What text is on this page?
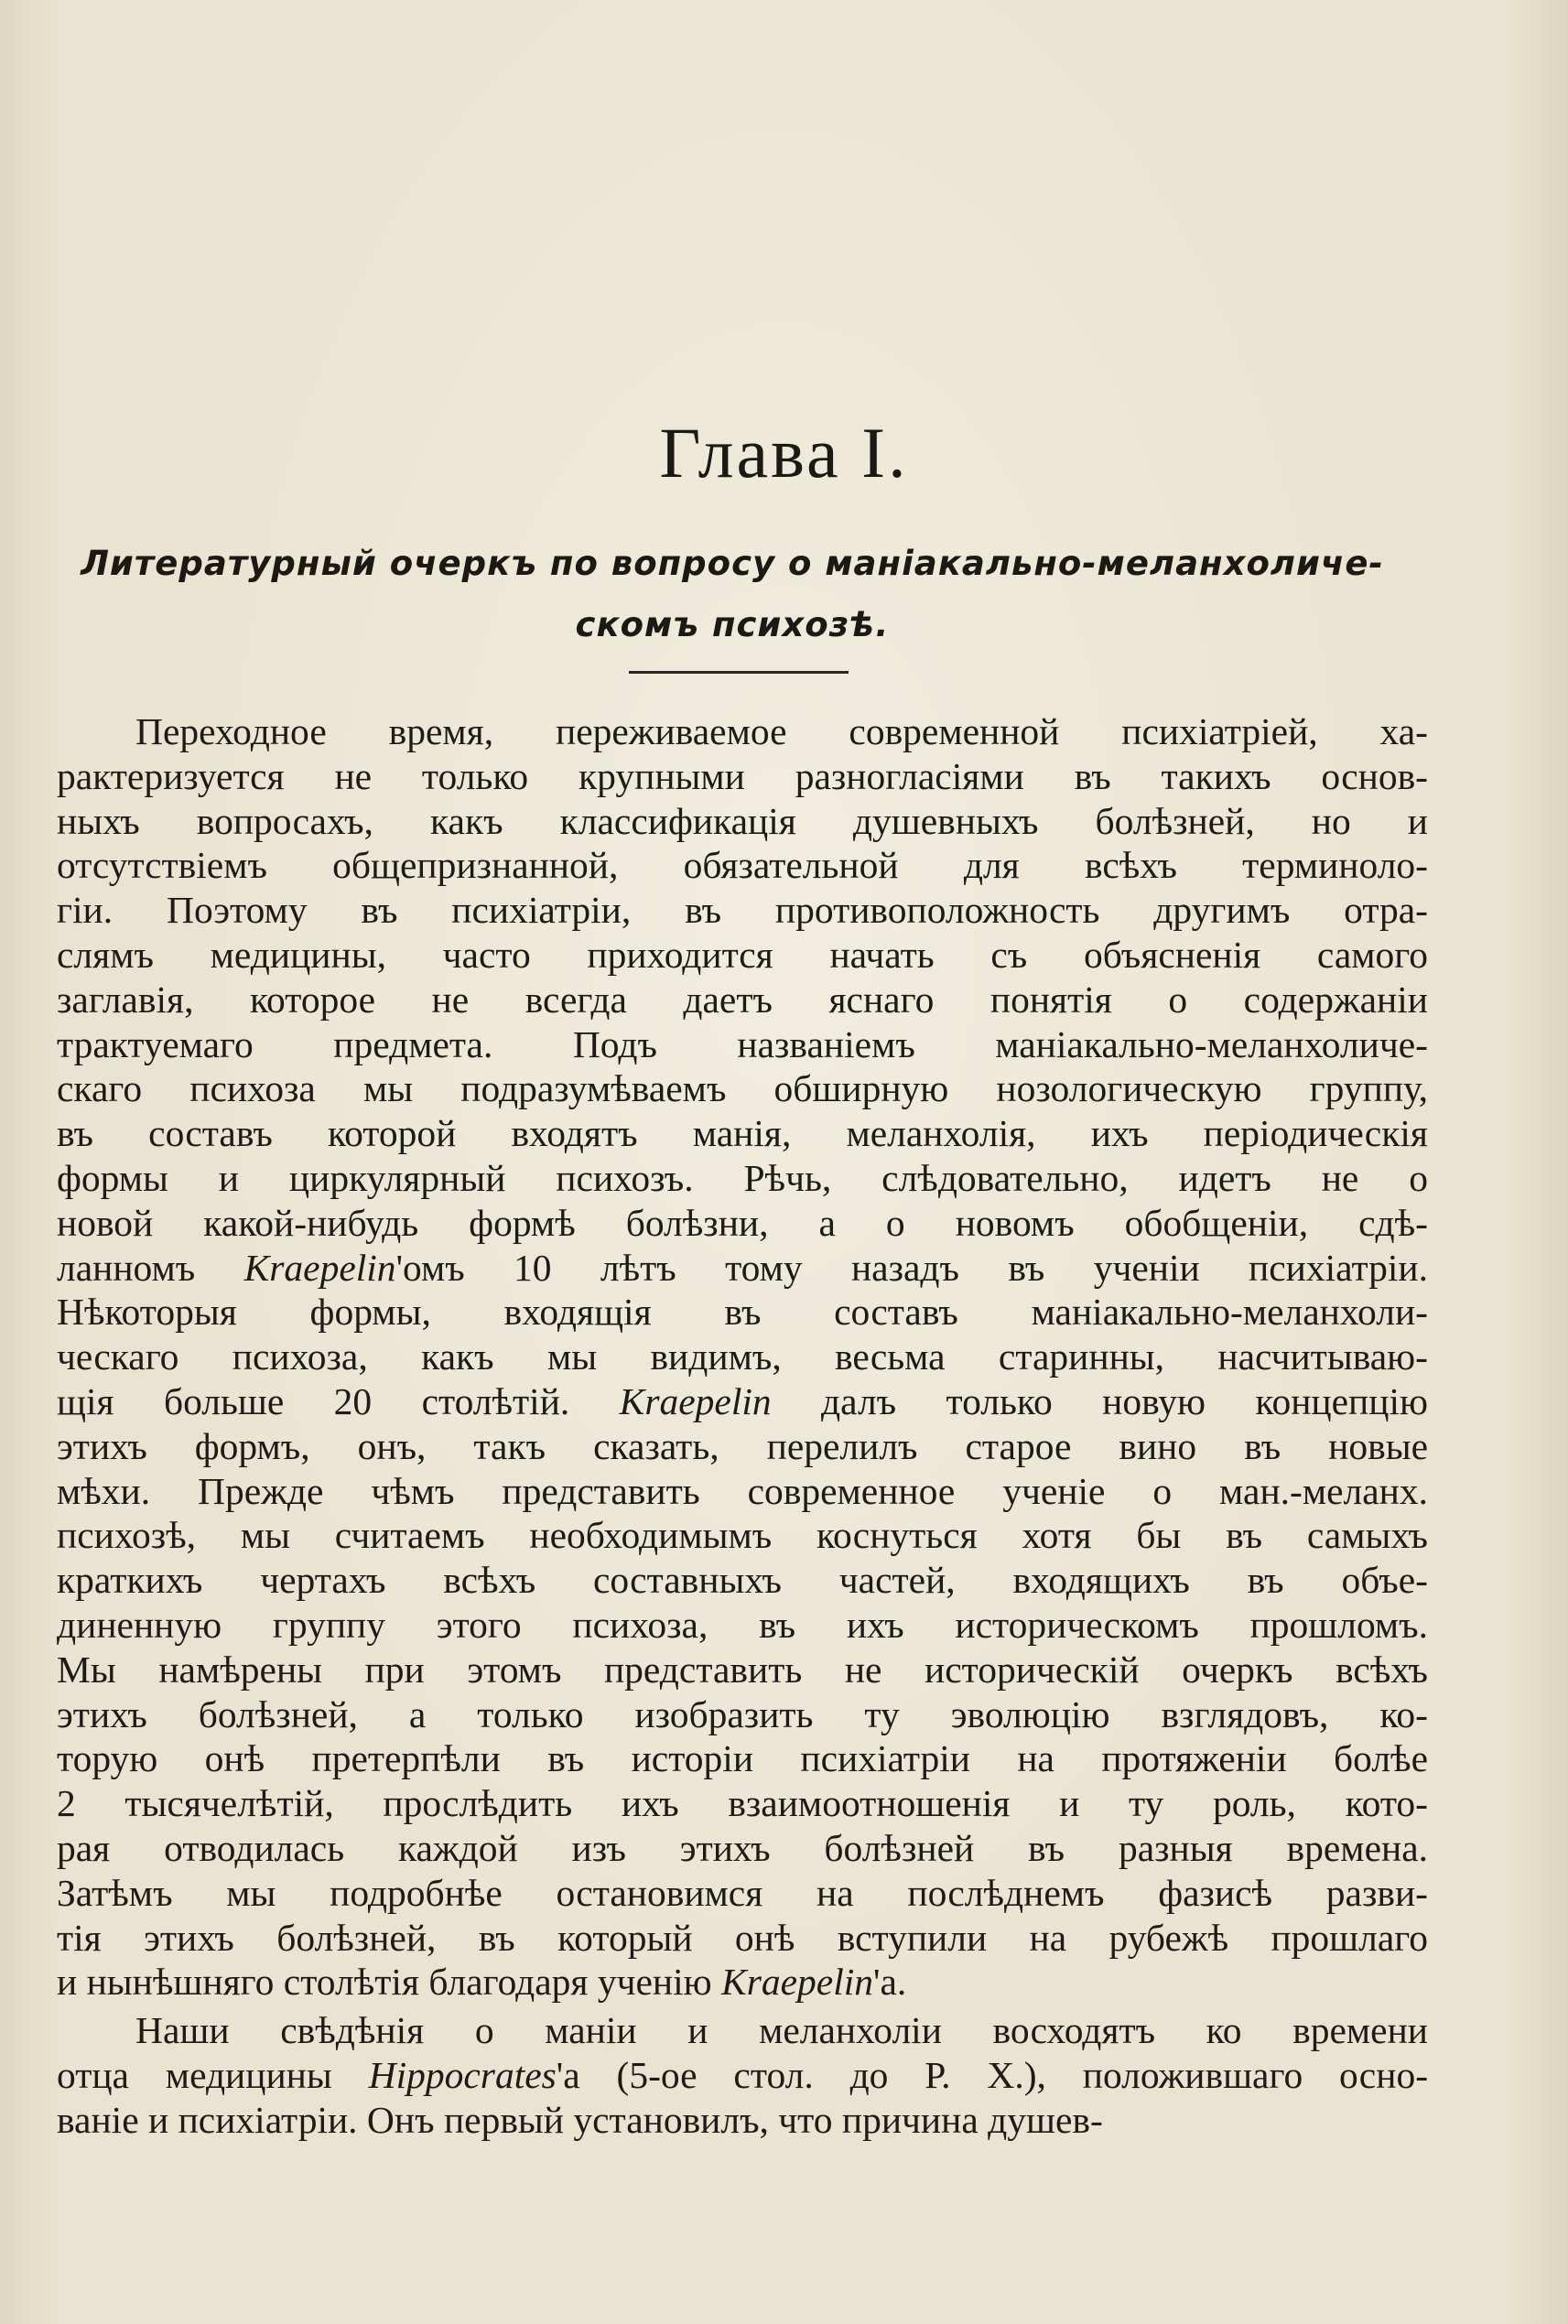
Глава I.
Литературный очеркъ по вопросу о маніакально-меланхоличе-
скомъ психозѣ.

Переходное время, переживаемое современной психіатріей, ха-
рактеризуется не только крупными разногласіями въ такихъ основ-
ныхъ вопросахъ, какъ классификація душевныхъ болѣзней, но и
отсутствіемъ общепризнанной, обязательной для всѣхъ терминоло-
гіи. Поэтому въ психіатріи, въ противоположность другимъ отра-
слямъ медицины, часто приходится начать съ объясненія самого
заглавія, которое не всегда даетъ яснаго понятія о содержаніи
трактуемаго предмета. Подъ названіемъ маніакально-меланхоличе-
скаго психоза мы подразумѣваемъ обширную нозологическую группу,
въ составъ которой входятъ манія, меланхолія, ихъ періодическія
формы и циркулярный психозъ. Рѣчь, слѣдовательно, идетъ не о
новой какой-нибудь формѣ болѣзни, а о новомъ обобщеніи, сдѣ-
ланномъ Kraepelin'омъ 10 лѣтъ тому назадъ въ ученіи психіатріи.
Нѣкоторыя формы, входящія въ составъ маніакально-меланхоли-
ческаго психоза, какъ мы видимъ, весьма старинны, насчитываю-
щія больше 20 столѣтій. Kraepelin далъ только новую концепцію
этихъ формъ, онъ, такъ сказать, перелилъ старое вино въ новые
мѣхи. Прежде чѣмъ представить современное ученіе о ман.-меланх.
психозѣ, мы считаемъ необходимымъ коснуться хотя бы въ самыхъ
краткихъ чертахъ всѣхъ составныхъ частей, входящихъ въ объе-
диненную группу этого психоза, въ ихъ историческомъ прошломъ.
Мы намѣрены при этомъ представить не историческій очеркъ всѣхъ
этихъ болѣзней, а только изобразить ту эволюцію взглядовъ, ко-
торую онѣ претерпѣли въ исторіи психіатріи на протяженіи болѣе
2 тысячелѣтій, прослѣдить ихъ взаимоотношенія и ту роль, кото-
рая отводилась каждой изъ этихъ болѣзней въ разныя времена.
Затѣмъ мы подробнѣе остановимся на послѣднемъ фазисѣ разви-
тія этихъ болѣзней, въ который онѣ вступили на рубежѣ прошлаго
и нынѣшняго столѣтія благодаря ученію Kraepelin'а.

Наши свѣдѣнія о маніи и меланхоліи восходятъ ко времени
отца медицины Hippocrates'а (5-ое стол. до Р. Х.), положившаго осно-
ваніе и психіатріи. Онъ первый установилъ, что причина душев-
